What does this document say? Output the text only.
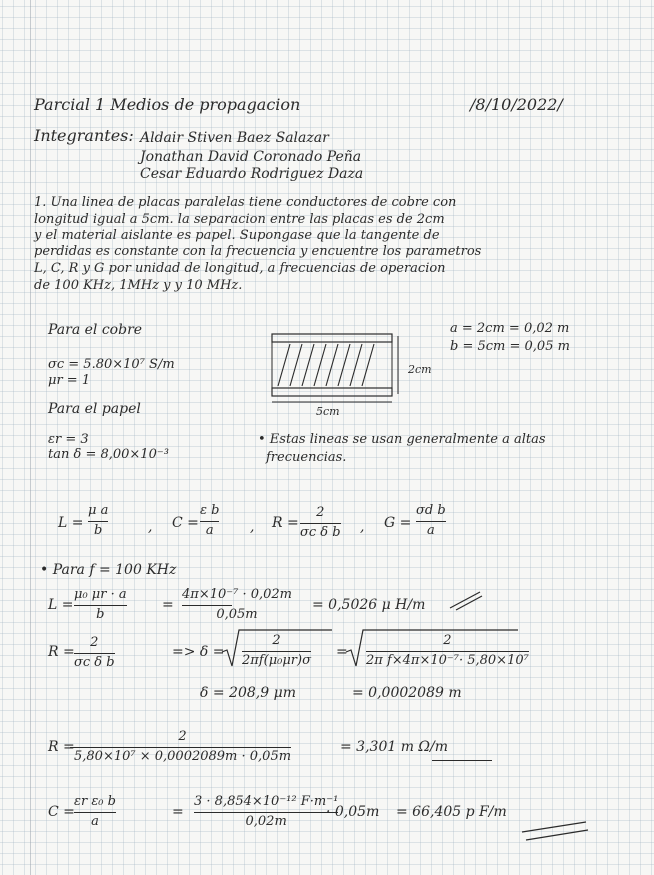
Parcial 1 Medios de propagacion	/8/10/2022/
Integrantes: Aldair Stiven Baez Salazar
Jonathan David Coronado Peña
Cesar Eduardo Rodriguez Daza
1. Una linea de placas paralelas tiene conductores de cobre con
longitud igual a 5cm. la separacion entre las placas es de 2cm
y el material aislante es papel. Supongase que la tangente de
perdidas es constante con la frecuencia y encuentre los parametros
L, C, R y G por unidad de longitud, a frecuencias de operacion
de 100 KHz, 1MHz y y 10 MHz.
Para el cobre	a = 2cm = 0,02 m
b = 5cm = 0,05 m
σc = 5.80×10⁷ S/m
μr = 1
Para el papel
εr = 3
tan δ = 8,00×10⁻³
• Estas lineas se usan generalmente a altas
frecuencias.
2cm
5cm
L =
μ a
b	, C =
ε b
a	, R =
2
σc δ b , G =
σd b
a
• Para f = 100 KHz
L =
μ₀ μr · a
b
=
4π×10⁻⁷ · 0,02m
0,05m
= 0,5026 μ H/m
R =
2
σc δ b
=> δ =
2
2πf(μ₀μr)σ
=
2
2π f×4π×10⁻⁷· 5,80×10⁷
δ = 208,9 μm	= 0,0002089 m
R =
2
5,80×10⁷ × 0,0002089m · 0,05m
= 3,301 m Ω/m
C =
εr ε₀ b
a
=
3 · 8,854×10⁻¹² F·m⁻¹
0,02m
· 0,05m = 66,405 p F/m
